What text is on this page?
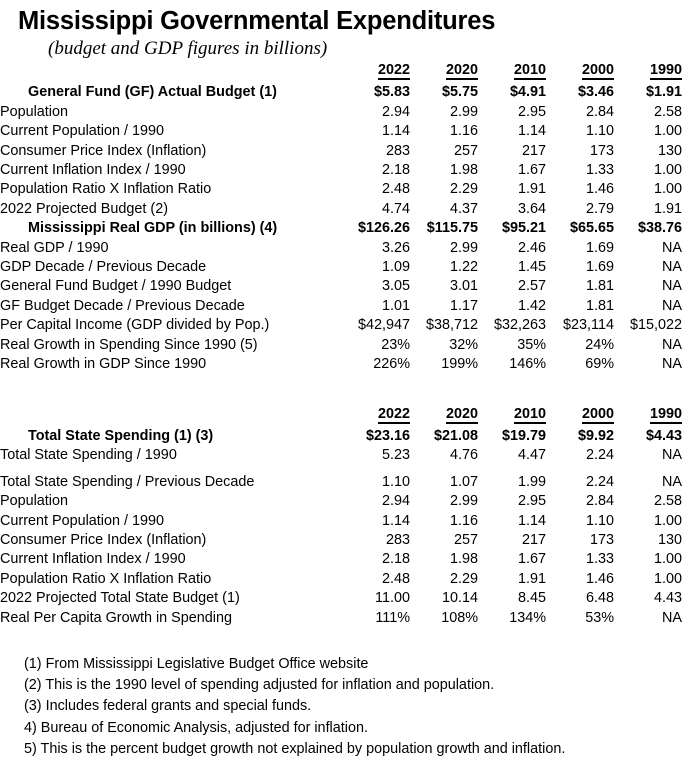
Mississippi Governmental Expenditures
(budget and GDP figures in billions)
	2022	2020	2010	2000	1990	
General Fund (GF) Actual Budget (1)	$5.83	$5.75	$4.91	$3.46	$1.91	
Population	2.94	2.99	2.95	2.84	2.58	
Current Population / 1990	1.14	1.16	1.14	1.10	1.00	
Consumer Price Index (Inflation)	283	257	217	173	130	
Current Inflation Index / 1990	2.18	1.98	1.67	1.33	1.00	
Population Ratio X Inflation Ratio	2.48	2.29	1.91	1.46	1.00	
2022 Projected Budget (2)	4.74	4.37	3.64	2.79	1.91	
Mississippi Real GDP (in billions) (4)	$126.26	$115.75	$95.21	$65.65	$38.76	
Real GDP / 1990	3.26	2.99	2.46	1.69	NA	
GDP Decade / Previous Decade	1.09	1.22	1.45	1.69	NA	
General Fund Budget / 1990 Budget	3.05	3.01	2.57	1.81	NA	
GF Budget Decade / Previous Decade	1.01	1.17	1.42	1.81	NA	
Per Capital Income (GDP divided by Pop.)	$42,947	$38,712	$32,263	$23,114	$15,022	
Real Growth in Spending Since 1990 (5)	23%	32%	35%	24%	NA	
Real Growth in GDP Since 1990	226%	199%	146%	69%	NA	

	2022	2020	2010	2000	1990	
Total State Spending (1) (3)	$23.16	$21.08	$19.79	$9.92	$4.43	
Total State Spending / 1990	5.23	4.76	4.47	2.24	NA	

Total State Spending / Previous Decade	1.10	1.07	1.99	2.24	NA	
Population	2.94	2.99	2.95	2.84	2.58	
Current Population / 1990	1.14	1.16	1.14	1.10	1.00	
Consumer Price Index (Inflation)	283	257	217	173	130	
Current Inflation Index / 1990	2.18	1.98	1.67	1.33	1.00	
Population Ratio X Inflation Ratio	2.48	2.29	1.91	1.46	1.00	
2022 Projected Total State Budget (1)	11.00	10.14	8.45	6.48	4.43	
Real Per Capita Growth in Spending	111%	108%	134%	53%	NA	
(1) From Mississippi Legislative Budget Office website
(2) This is the 1990 level of spending adjusted for inflation and population.
(3) Includes federal grants and special funds.
4) Bureau of Economic Analysis, adjusted for inflation.
5) This is the percent budget growth not explained by population growth and inflation.
